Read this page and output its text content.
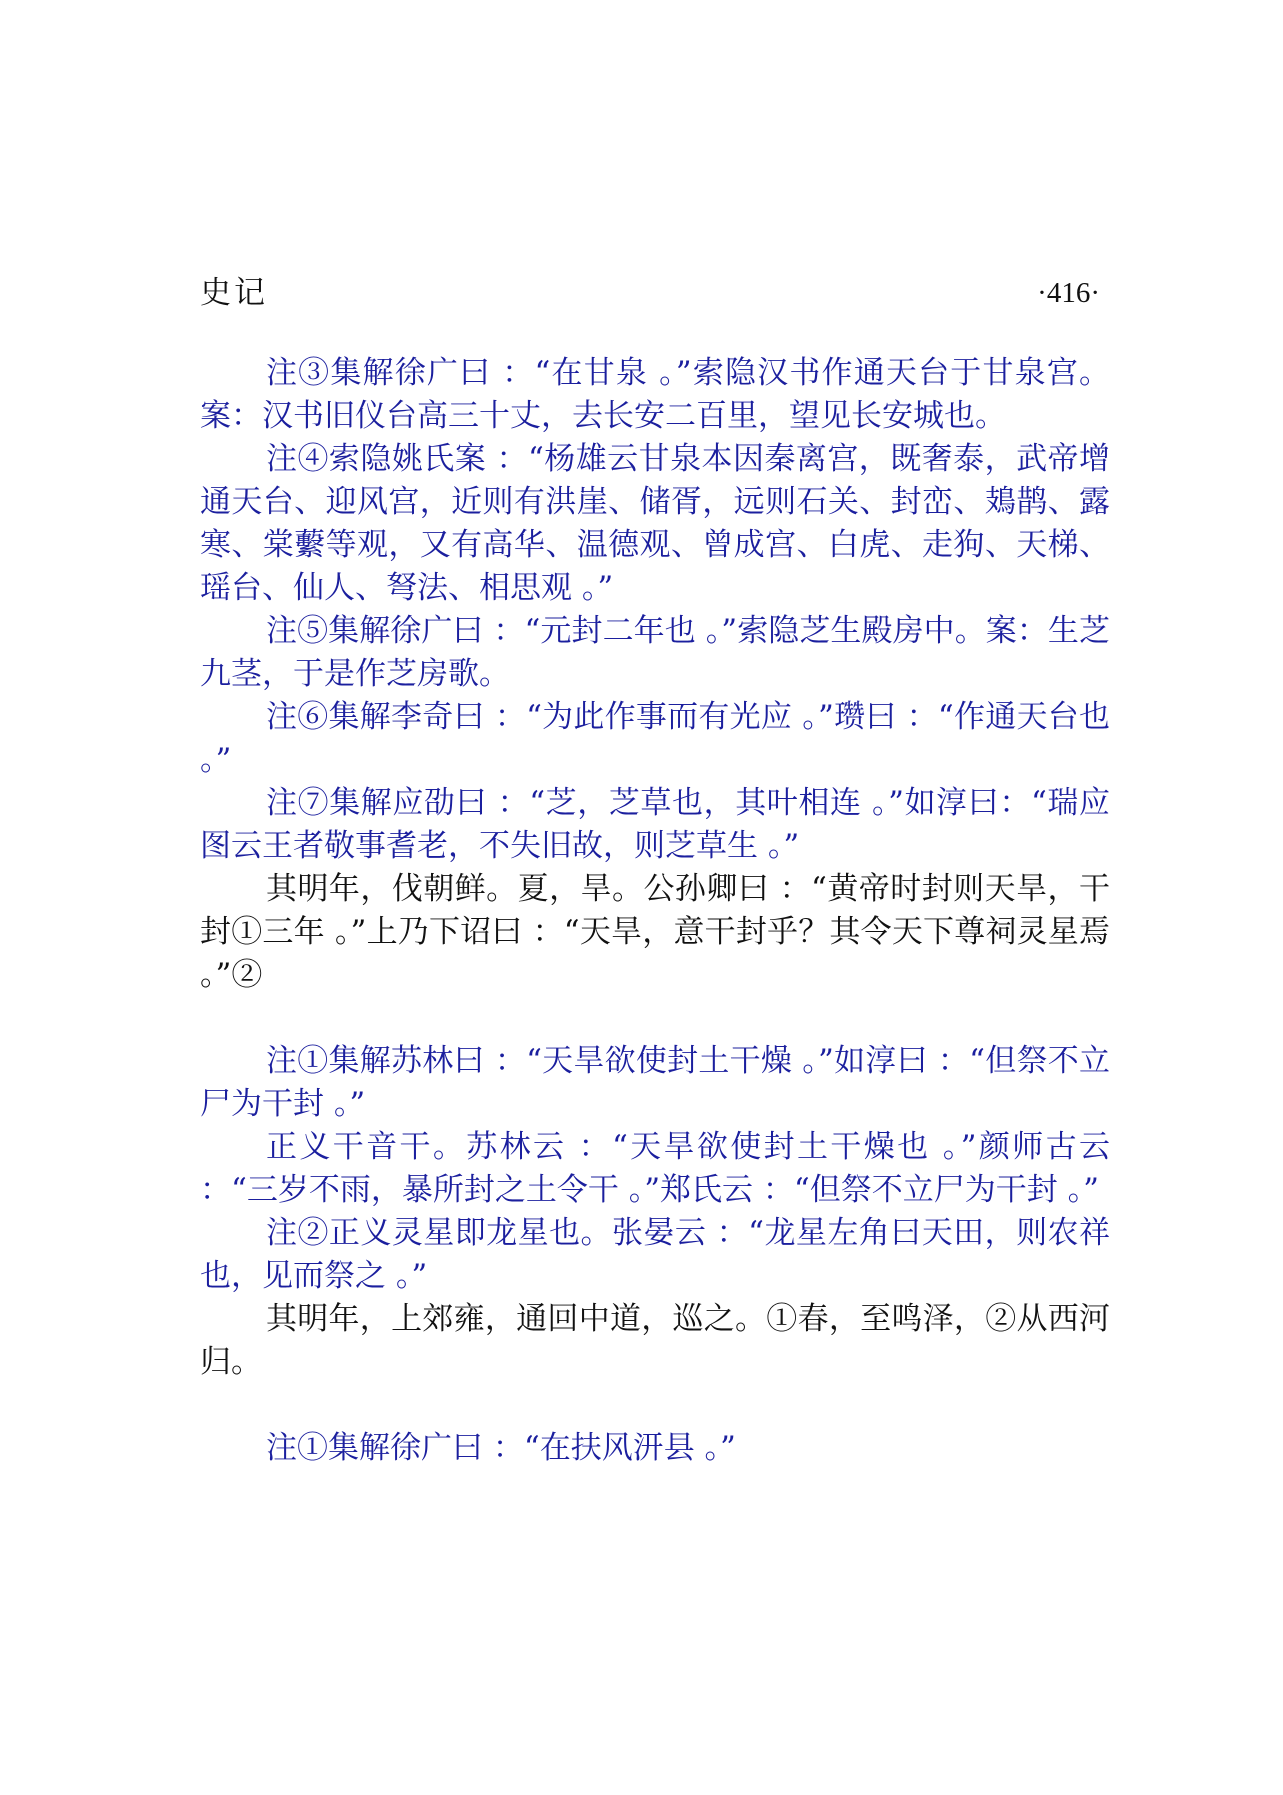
史记	·416·

注③集解徐广曰 ：“在甘泉 。”索隐汉书作通天台于甘泉宫。案：汉书旧仪台高三十丈，去长安二百里，望见长安城也。

注④索隐姚氏案 ：“杨雄云甘泉本因秦离宫，既奢泰，武帝增通天台、迎风宫，近则有洪崖、储胥，远则石关、封峦、鳷鹊、露寒、棠蘻等观，又有高华、温德观、曾成宫、白虎、走狗、天梯、瑶台、仙人、弩法、相思观 。”

注⑤集解徐广曰 ：“元封二年也 。”索隐芝生殿房中。案：生芝九茎，于是作芝房歌。

注⑥集解李奇曰 ：“为此作事而有光应 。”瓒曰 ：“作通天台也 。”

注⑦集解应劭曰 ：“芝，芝草也，其叶相连 。”如淳曰：“瑞应图云王者敬事耆老，不失旧故，则芝草生 。”

其明年，伐朝鲜。夏，旱。公孙卿曰 ：“黄帝时封则天旱，干封①三年 。”上乃下诏曰 ：“天旱，意干封乎？其令天下尊祠灵星焉 。”②

注①集解苏林曰 ：“天旱欲使封土干燥 。”如淳曰 ：“但祭不立尸为干封 。”

正义干音干。苏林云 ：“天旱欲使封土干燥也 。”颜师古云 ：“三岁不雨，暴所封之土令干 。”郑氏云 ：“但祭不立尸为干封 。”

注②正义灵星即龙星也。张晏云 ：“龙星左角曰天田，则农祥也，见而祭之 。”

其明年，上郊雍，通回中道，巡之。①春，至鸣泽，②从西河归。

注①集解徐广曰 ：“在扶风汧县 。”
